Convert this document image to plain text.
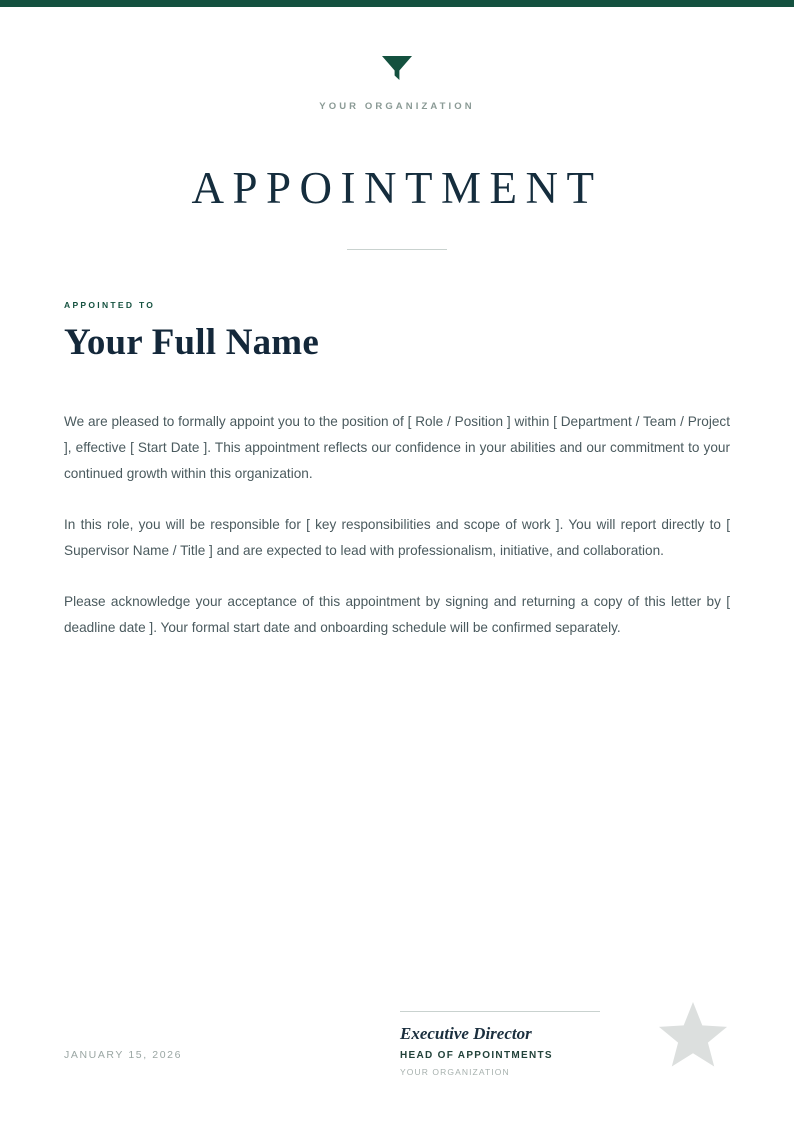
YOUR ORGANIZATION
APPOINTMENT
APPOINTED TO
Your Full Name

We are pleased to formally appoint you to the position of [ Role / Position ] within [ Department / Team / Project ], effective [ Start Date ]. This appointment reflects our confidence in your abilities and our commitment to your continued growth within this organization.

In this role, you will be responsible for [ key responsibilities and scope of work ]. You will report directly to [ Supervisor Name / Title ] and are expected to lead with professionalism, initiative, and collaboration.

Please acknowledge your acceptance of this appointment by signing and returning a copy of this letter by [ deadline date ]. Your formal start date and onboarding schedule will be confirmed separately.

JANUARY 15, 2026
Executive Director
HEAD OF APPOINTMENTS
YOUR ORGANIZATION
